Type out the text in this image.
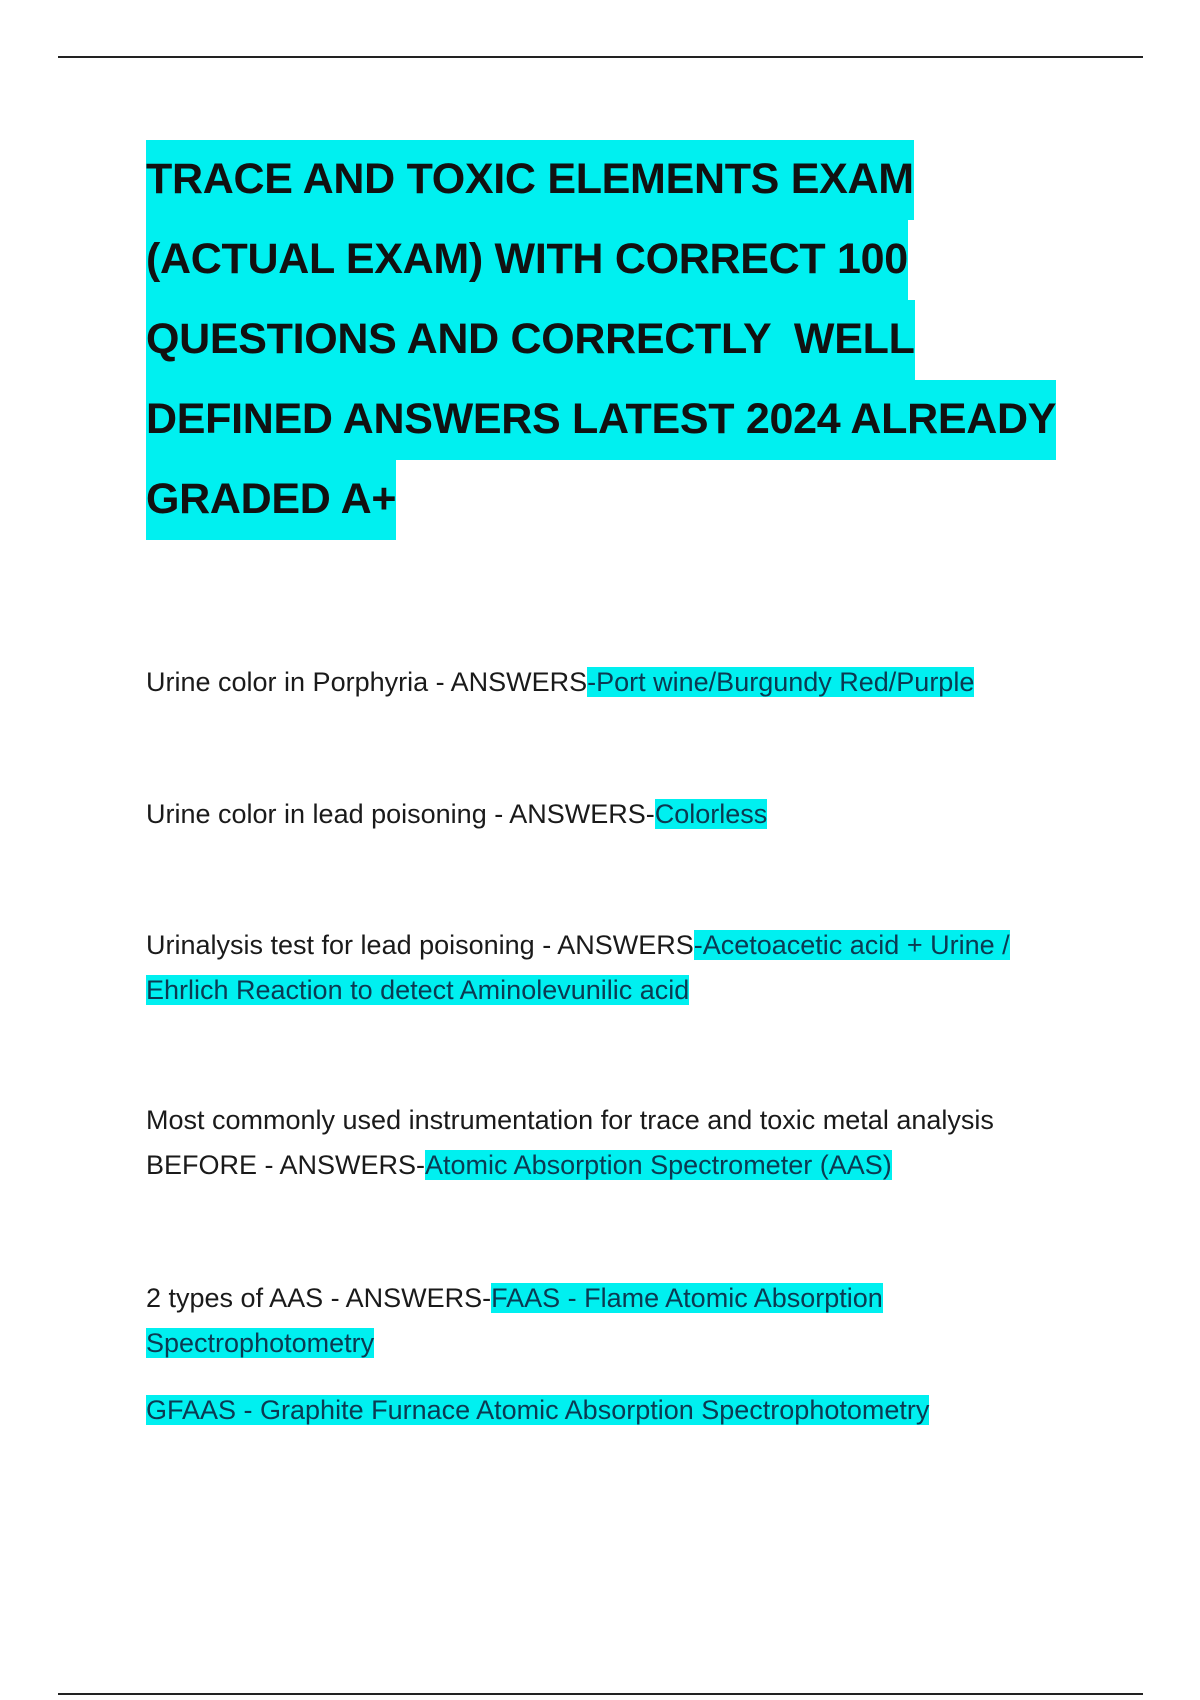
TRACE AND TOXIC ELEMENTS EXAM
(ACTUAL EXAM) WITH CORRECT 100
QUESTIONS AND CORRECTLY  WELL
DEFINED ANSWERS LATEST 2024 ALREADY
GRADED A+

Urine color in Porphyria - ANSWERS-Port wine/Burgundy Red/Purple

Urine color in lead poisoning - ANSWERS-Colorless

Urinalysis test for lead poisoning - ANSWERS-Acetoacetic acid + Urine / Ehrlich Reaction to detect Aminolevunilic acid

Most commonly used instrumentation for trace and toxic metal analysis BEFORE - ANSWERS-Atomic Absorption Spectrometer (AAS)

2 types of AAS - ANSWERS-FAAS - Flame Atomic Absorption Spectrophotometry

GFAAS - Graphite Furnace Atomic Absorption Spectrophotometry
